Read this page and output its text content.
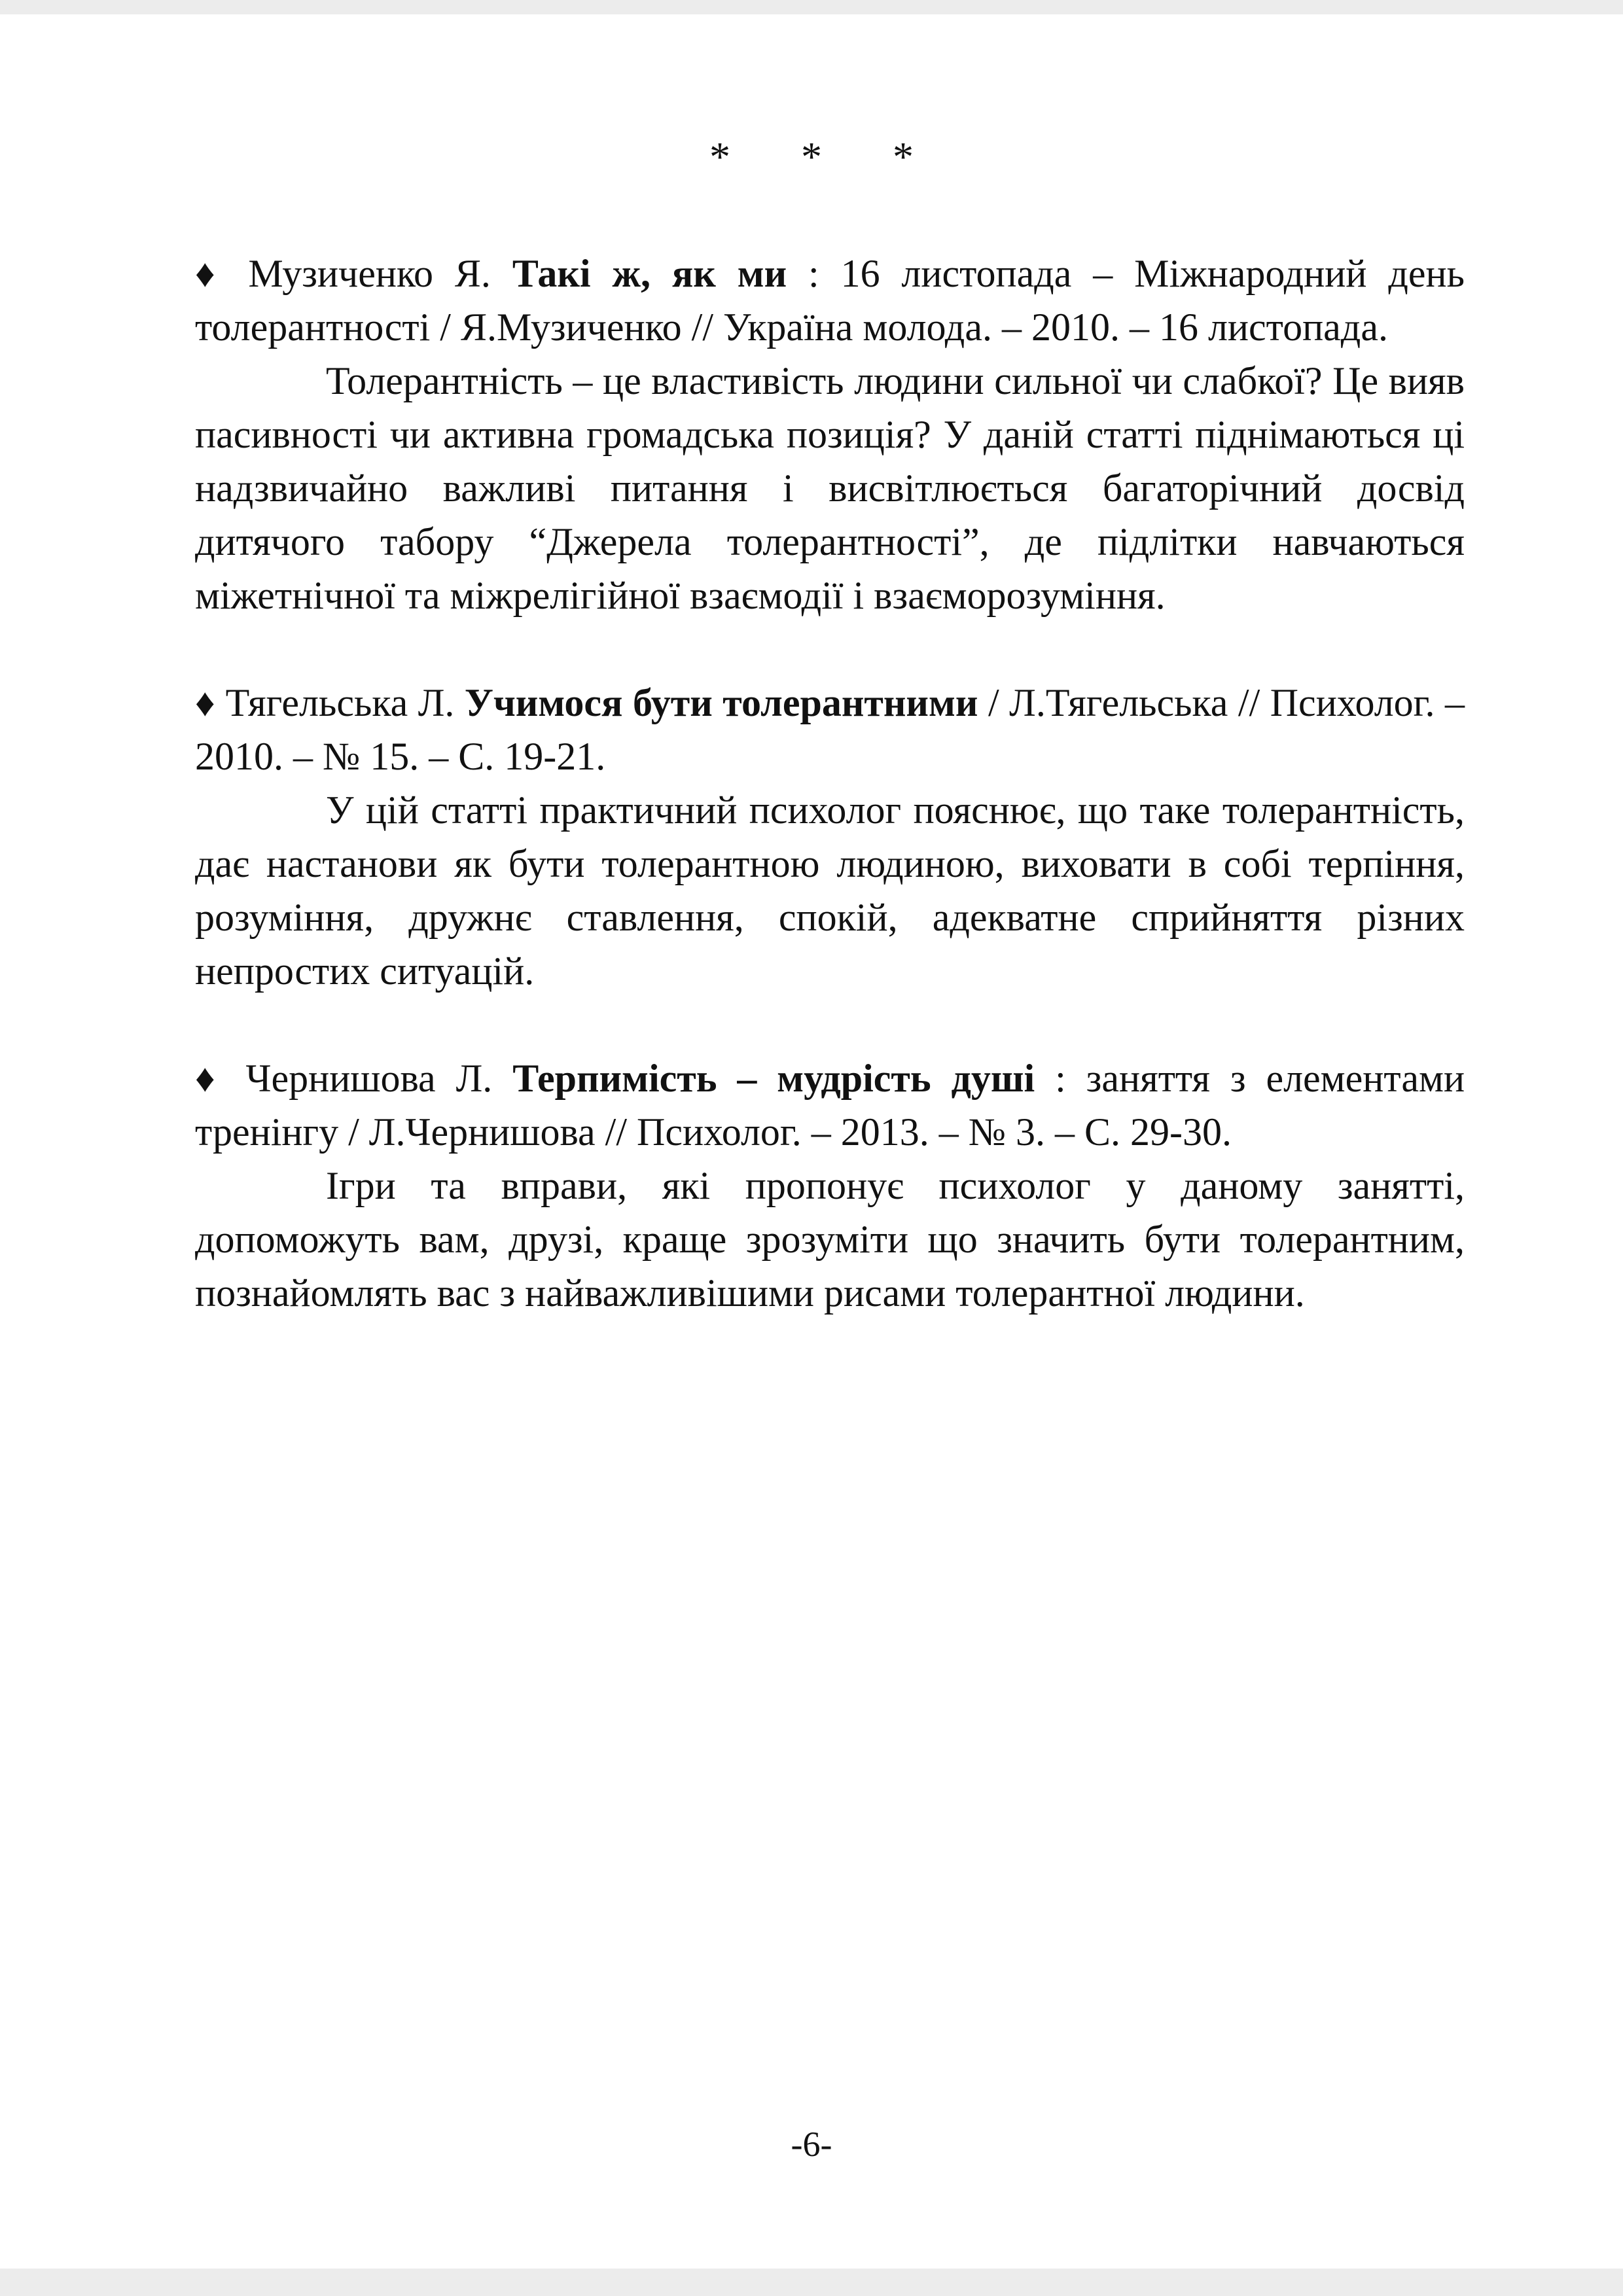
* * *

♦ Музиченко Я. Такі ж, як ми : 16 листопада – Міжнародний день толерантності / Я.Музиченко // Україна молода. – 2010. – 16 листопада.

Толерантність – це властивість людини сильної чи слабкої? Це вияв пасивності чи активна громадська позиція? У даній статті піднімаються ці надзвичайно важливі питання і висвітлюється багаторічний досвід дитячого табору “Джерела толерантності”, де підлітки навчаються міжетнічної та міжрелігійної взаємодії і взаєморозуміння.

♦ Тягельська Л. Учимося бути толерантними / Л.Тягельська // Психолог. – 2010. – № 15. – С. 19-21.

У цій статті практичний психолог пояснює, що таке толерантність, дає настанови як бути толерантною людиною, виховати в собі терпіння, розуміння, дружнє ставлення, спокій, адекватне сприйняття різних непростих ситуацій.

♦ Чернишова Л. Терпимість – мудрість душі : заняття з елементами тренінгу / Л.Чернишова // Психолог. – 2013. – № 3. – С. 29-30.

Ігри та вправи, які пропонує психолог у даному занятті, допоможуть вам, друзі, краще зрозуміти що значить бути толерантним, познайомлять вас з найважливішими рисами толерантної людини.

-6-
